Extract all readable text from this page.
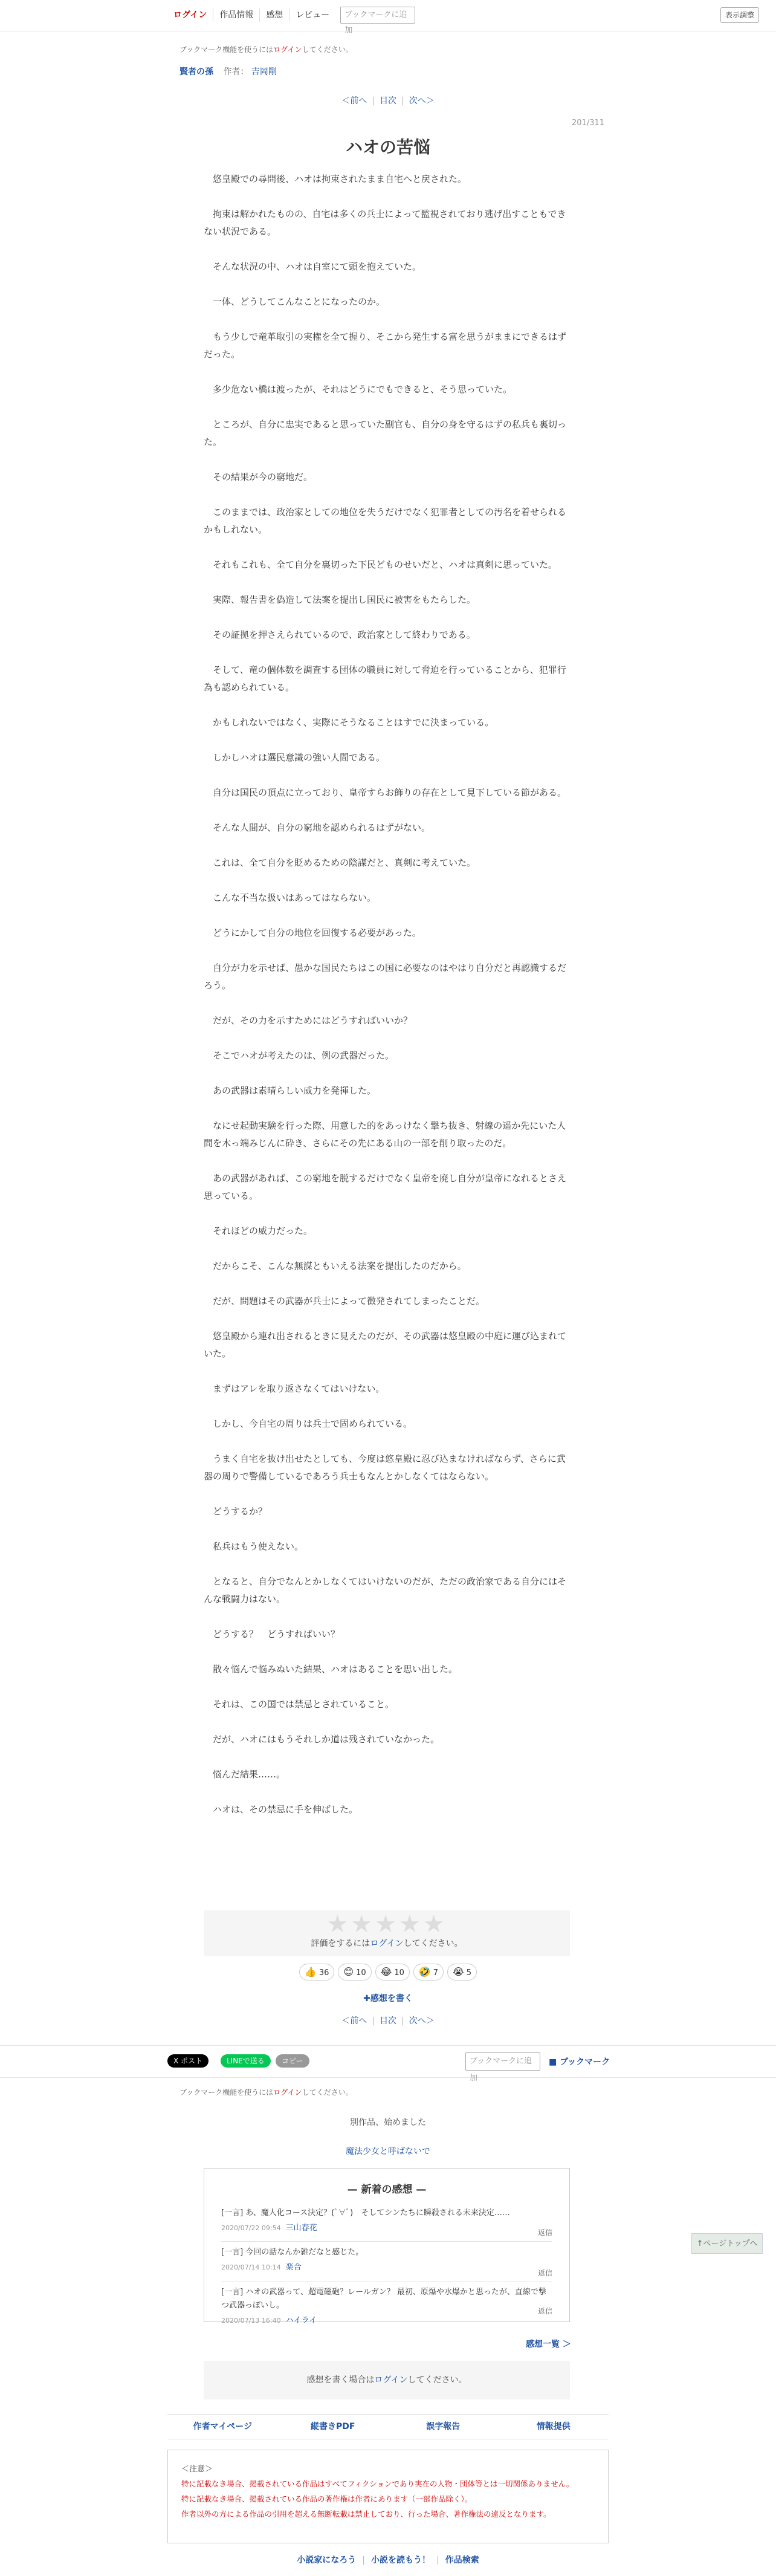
ログイン	作品情報	感想	レビュー	ブックマークに追加
表示調整
ブックマーク機能を使うにはログインしてください。
賢者の孫 作者： 吉岡剛
＜前へ | 目次 | 次へ＞
201/311
ハオの苦悩

　悠皇殿での尋問後、ハオは拘束されたまま自宅へと戻された。

　拘束は解かれたものの、自宅は多くの兵士によって監視されており逃げ出すこともできない状況である。

　そんな状況の中、ハオは自室にて頭を抱えていた。

　一体、どうしてこんなことになったのか。

　もう少しで竜革取引の実権を全て握り、そこから発生する富を思うがままにできるはずだった。

　多少危ない橋は渡ったが、それはどうにでもできると、そう思っていた。

　ところが、自分に忠実であると思っていた副官も、自分の身を守るはずの私兵も裏切った。

　その結果が今の窮地だ。

　このままでは、政治家としての地位を失うだけでなく犯罪者としての汚名を着せられるかもしれない。

　それもこれも、全て自分を裏切った下民どものせいだと、ハオは真剣に思っていた。

　実際、報告書を偽造して法案を提出し国民に被害をもたらした。

　その証拠を押さえられているので、政治家として終わりである。

　そして、竜の個体数を調査する団体の職員に対して脅迫を行っていることから、犯罪行為も認められている。

　かもしれないではなく、実際にそうなることはすでに決まっている。

　しかしハオは選民意識の強い人間である。

　自分は国民の頂点に立っており、皇帝すらお飾りの存在として見下している節がある。

　そんな人間が、自分の窮地を認められるはずがない。

　これは、全て自分を貶めるための陰謀だと、真剣に考えていた。

　こんな不当な扱いはあってはならない。

　どうにかして自分の地位を回復する必要があった。

　自分が力を示せば、愚かな国民たちはこの国に必要なのはやはり自分だと再認識するだろう。

　だが、その力を示すためにはどうすればいいか？

　そこでハオが考えたのは、例の武器だった。

　あの武器は素晴らしい威力を発揮した。

　なにせ起動実験を行った際、用意した的をあっけなく撃ち抜き、射線の遥か先にいた人間を木っ端みじんに砕き、さらにその先にある山の一部を削り取ったのだ。

　あの武器があれば、この窮地を脱するだけでなく皇帝を廃し自分が皇帝になれるとさえ思っている。

　それほどの威力だった。

　だからこそ、こんな無謀ともいえる法案を提出したのだから。

　だが、問題はその武器が兵士によって徴発されてしまったことだ。

　悠皇殿から連れ出されるときに見えたのだが、その武器は悠皇殿の中庭に運び込まれていた。

　まずはアレを取り返さなくてはいけない。

　しかし、今自宅の周りは兵士で固められている。

　うまく自宅を抜け出せたとしても、今度は悠皇殿に忍び込まなければならず、さらに武器の周りで警備しているであろう兵士もなんとかしなくてはならない。

　どうするか？

　私兵はもう使えない。

　となると、自分でなんとかしなくてはいけないのだが、ただの政治家である自分にはそんな戦闘力はない。

　どうする？　どうすればいい？

　散々悩んで悩みぬいた結果、ハオはあることを思い出した。

　それは、この国では禁忌とされていること。

　だが、ハオにはもうそれしか道は残されていなかった。

　悩んだ結果……。

　ハオは、その禁忌に手を伸ばした。

★★★★★
評価をするにはログインしてください。
👍 36	😊 10	😂 10	🤣 7	😭 5
✚感想を書く
＜前へ | 目次 | 次へ＞
X ポスト	LINEで送る	コピー	ブックマークに追加
■ ブックマーク
ブックマーク機能を使うにはログインしてください。
別作品、始めました
魔法少女と呼ばないで
— 新着の感想 —
[一言] あ、魔人化コース決定？(ﾟ∀ﾟ)　そしてシンたちに瞬殺される未来決定……
2020/07/22 09:54 三山春花	返信
[一言] 今回の話なんか雑だなと感じた。
2020/07/14 10:14 楽合
返信
[一言] ハオの武器って、超電磁砲？レールガン？ 最初、原爆や水爆かと思ったが、直線で撃つ武器っぽいし。
2020/07/13 16:40 ハイライ
返信
感想一覧 ＞
感想を書く場合はログインしてください。
作者マイページ	縦書きPDF	誤字報告	情報提供
＜注意＞

特に記載なき場合、掲載されている作品はすべてフィクションであり実在の人物・団体等とは一切関係ありません。

特に記載なき場合、掲載されている作品の著作権は作者にあります（一部作品除く）。

作者以外の方による作品の引用を超える無断転載は禁止しており、行った場合、著作権法の違反となります。

小説家になろう | 小説を読もう！ | 作品検索
↑ページトップへ
